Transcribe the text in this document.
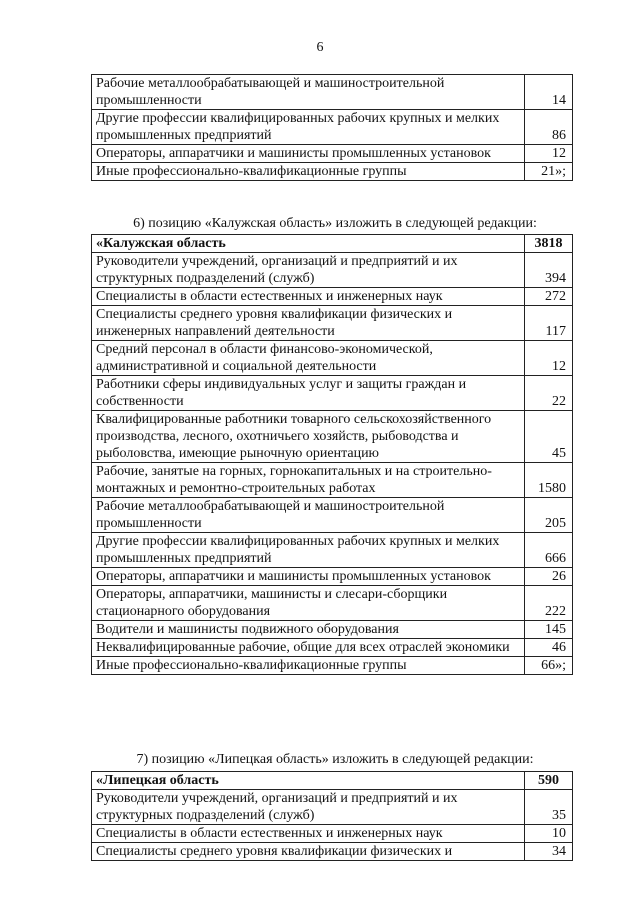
6
Рабочие металлообрабатывающей и машиностроительной промышленности	14
Другие профессии квалифицированных рабочих крупных и мелких промышленных предприятий	86
Операторы, аппаратчики и машинисты промышленных установок	12
Иные профессионально-квалификационные группы	21»;
6) позицию «Калужская область» изложить в следующей редакции:
«Калужская область	3818
Руководители учреждений, организаций и предприятий и их структурных подразделений (служб)	394
Специалисты в области естественных и инженерных наук	272
Специалисты среднего уровня квалификации физических и инженерных направлений деятельности	117
Средний персонал в области финансово-экономической, административной и социальной деятельности	12
Работники сферы индивидуальных услуг и защиты граждан и собственности	22
Квалифицированные работники товарного сельскохозяйственного производства, лесного, охотничьего хозяйств, рыбоводства и рыболовства, имеющие рыночную ориентацию	45
Рабочие, занятые на горных, горнокапитальных и на строительно-монтажных и ремонтно-строительных работах	1580
Рабочие металлообрабатывающей и машиностроительной промышленности	205
Другие профессии квалифицированных рабочих крупных и мелких промышленных предприятий	666
Операторы, аппаратчики и машинисты промышленных установок	26
Операторы, аппаратчики, машинисты и слесари-сборщики стационарного оборудования	222
Водители и машинисты подвижного оборудования	145
Неквалифицированные рабочие, общие для всех отраслей экономики	46
Иные профессионально-квалификационные группы	66»;
7) позицию «Липецкая область» изложить в следующей редакции:
«Липецкая область	590
Руководители учреждений, организаций и предприятий и их структурных подразделений (служб)	35
Специалисты в области естественных и инженерных наук	10
Специалисты среднего уровня квалификации физических и	34
